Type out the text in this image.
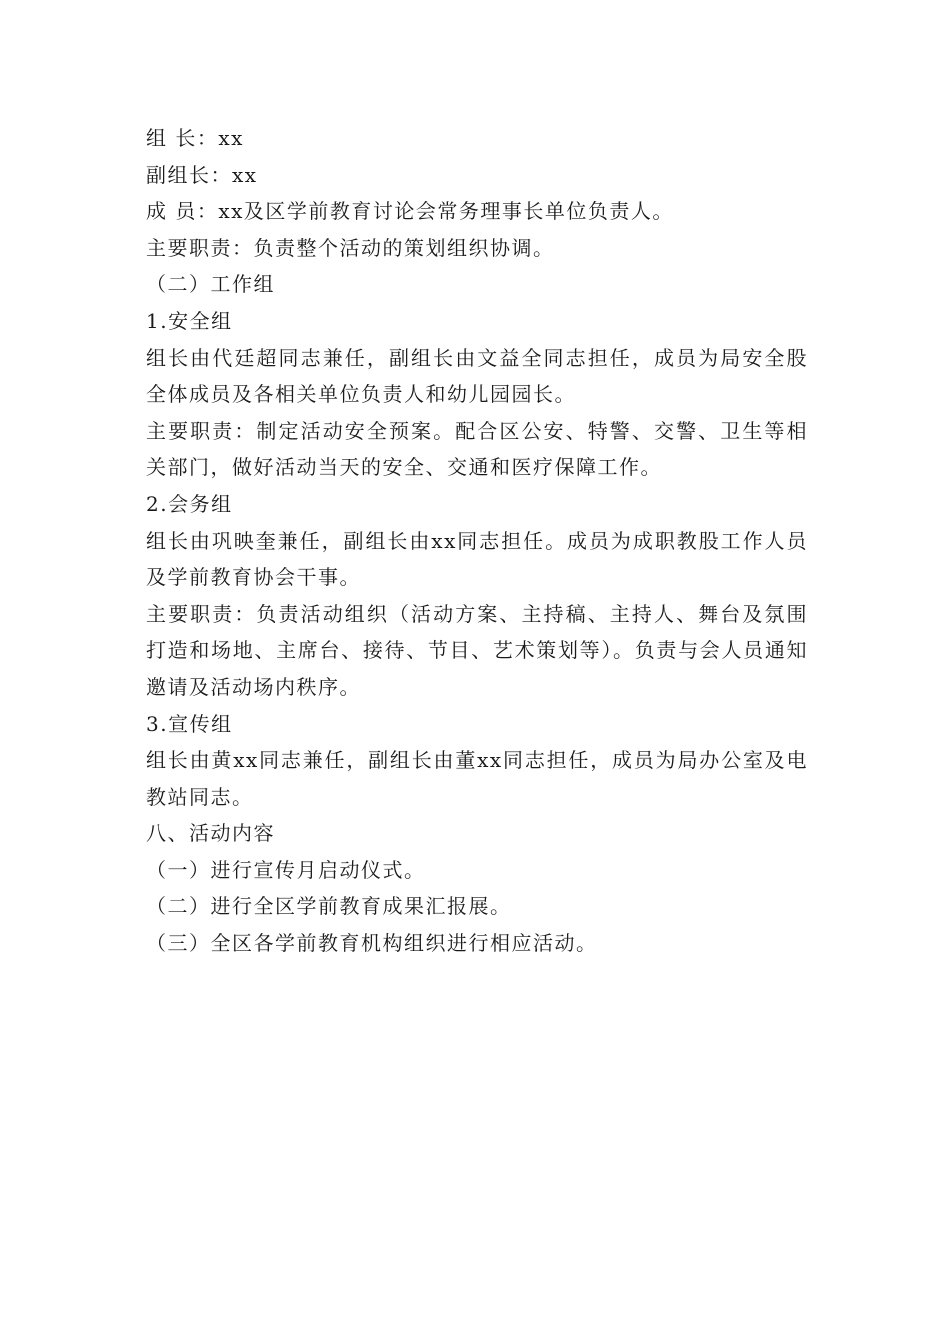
组 长：xx

副组长：xx

成 员：xx及区学前教育讨论会常务理事长单位负责人。

主要职责：负责整个活动的策划组织协调。

（二）工作组

1.安全组

组长由代廷超同志兼任，副组长由文益全同志担任，成员为局安全股全体成员及各相关单位负责人和幼儿园园长。

主要职责：制定活动安全预案。配合区公安、特警、交警、卫生等相关部门，做好活动当天的安全、交通和医疗保障工作。

2.会务组

组长由巩映奎兼任，副组长由xx同志担任。成员为成职教股工作人员及学前教育协会干事。

主要职责：负责活动组织（活动方案、主持稿、主持人、舞台及氛围打造和场地、主席台、接待、节目、艺术策划等）。负责与会人员通知邀请及活动场内秩序。

3.宣传组

组长由黄xx同志兼任，副组长由董xx同志担任，成员为局办公室及电教站同志。

八、活动内容

（一）进行宣传月启动仪式。

（二）进行全区学前教育成果汇报展。

（三）全区各学前教育机构组织进行相应活动。
